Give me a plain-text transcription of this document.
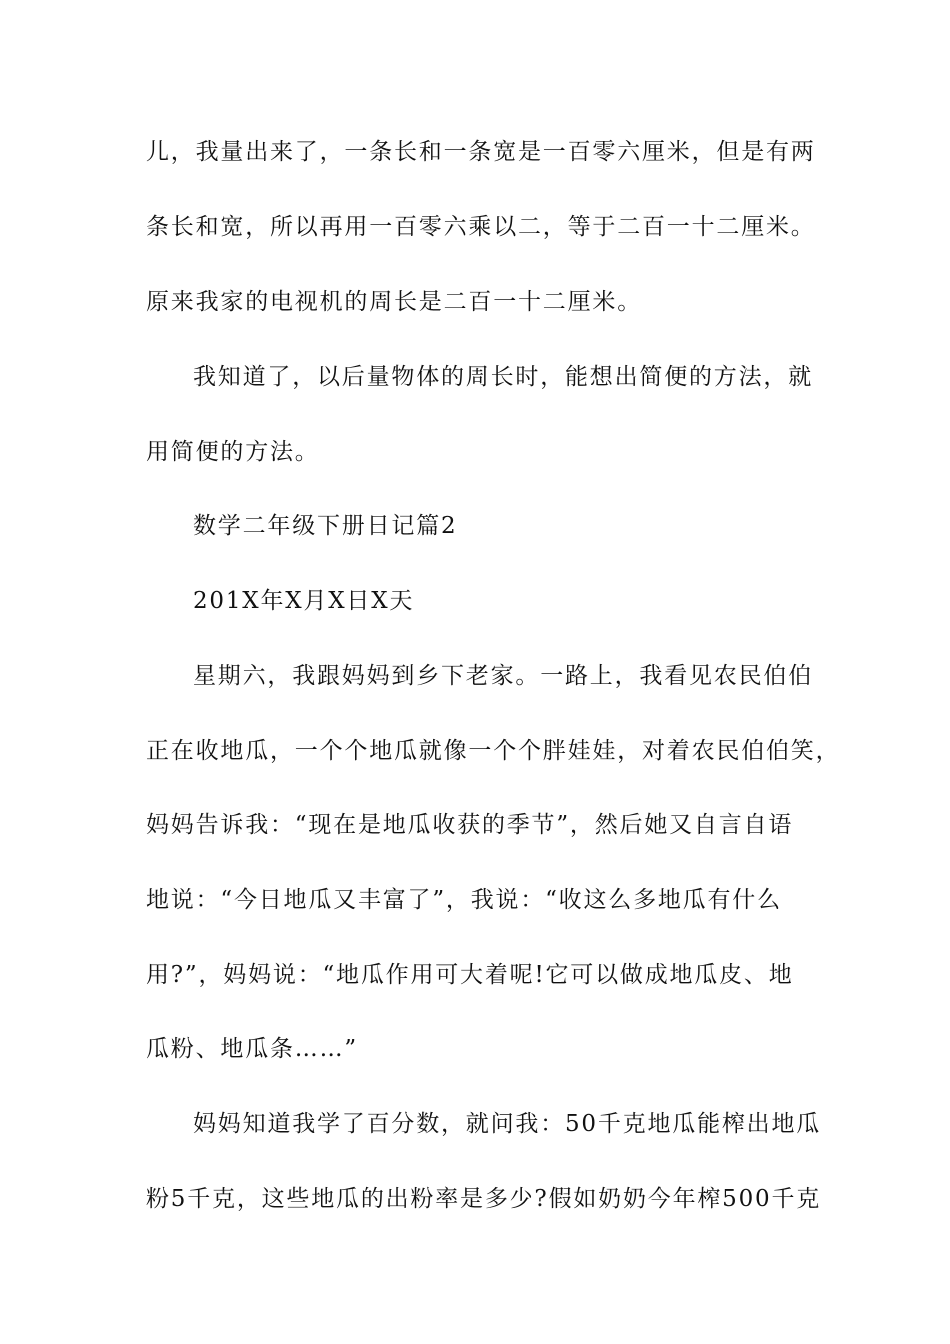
儿，我量出来了，一条长和一条宽是一百零六厘米，但是有两
条长和宽，所以再用一百零六乘以二，等于二百一十二厘米。
原来我家的电视机的周长是二百一十二厘米。
我知道了，以后量物体的周长时，能想出简便的方法，就
用简便的方法。
数学二年级下册日记篇2
201X年X月X日X天
星期六，我跟妈妈到乡下老家。一路上，我看见农民伯伯
正在收地瓜，一个个地瓜就像一个个胖娃娃，对着农民伯伯笑，
妈妈告诉我：“现在是地瓜收获的季节”，然后她又自言自语
地说：“今日地瓜又丰富了”，我说：“收这么多地瓜有什么
用?”，妈妈说：“地瓜作用可大着呢!它可以做成地瓜皮、地
瓜粉、地瓜条……”
妈妈知道我学了百分数，就问我：50千克地瓜能榨出地瓜
粉5千克，这些地瓜的出粉率是多少?假如奶奶今年榨500千克
